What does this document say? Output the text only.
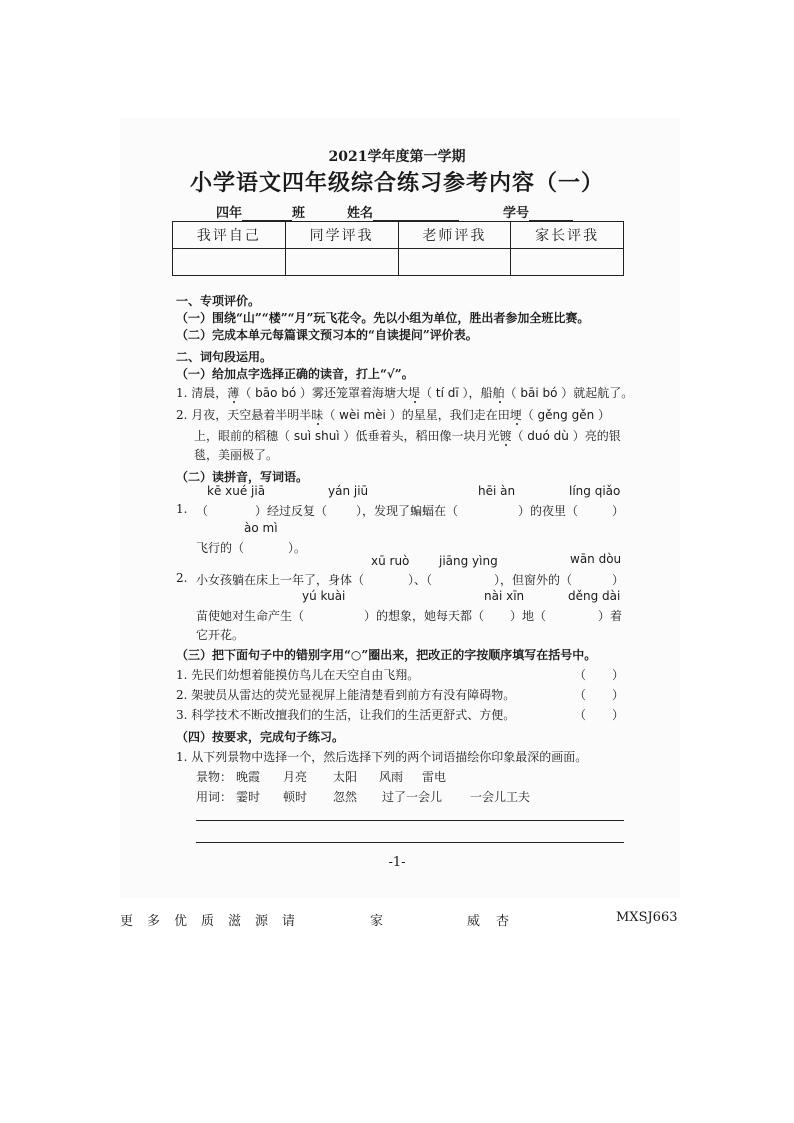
2021学年度第一学期
小学语文四年级综合练习参考内容（一）
四年	班	姓名	学号
我评自己	同学评我	老师评我	家长评我

一、专项评价。
（一）围绕“山”“楼”“月”玩飞花令。先以小组为单位，胜出者参加全班比赛。
（二）完成本单元每篇课文预习本的“自读提问”评价表。
二、词句段运用。
（一）给加点字选择正确的读音，打上“√”。
1. 清晨，薄（ bāo bó ）雾还笼罩着海塘大堤（ tí dī ），船舶（ bāi bó ）就起航了。
2. 月夜，天空悬着半明半昧（ wèi mèi ）的星星，我们走在田埂（ gěng gěn ）
上，眼前的稻穗（ suì shuì ）低垂着头，稻田像一块月光镀（ duó dù ）亮的银
毯，美丽极了。
（二）读拼音，写词语。
kē xué jiā	yán jiū	hēi àn	líng qiǎo
1. （	）经过反复（ ），发现了蝙蝠在（	）的夜里（	）
ào mì
飞行的（	）。
xū ruò jiāng yìng	wān dòu
2. 小女孩躺在床上一年了，身体（	）、（	），但窗外的（	）
yú kuài	nài xīn	děng dài
苗使她对生命产生（	）的想象，她每天都（ ）地（	）着
它开花。
（三）把下面句子中的错别字用“○”圈出来，把改正的字按顺序填写在括号中。
1. 先民们幼想着能摸仿鸟儿在天空自由飞翔。	（ ）
2. 架驶员从雷达的荧光显视屏上能清楚看到前方有没有障碍物。	（ ）
3. 科学技术不断改擅我们的生活，让我们的生活更舒式、方便。	（ ）
（四）按要求，完成句子练习。
1. 从下列景物中选择一个，然后选择下列的两个词语描绘你印象最深的画面。
景物： 晚霞 月亮 太阳 风雨 雷电
用词： 霎时 顿时 忽然 过了一会儿 一会儿工夫
-1-
更 多 优 质 滋 源 请	家	威 杏	MXSJ663
